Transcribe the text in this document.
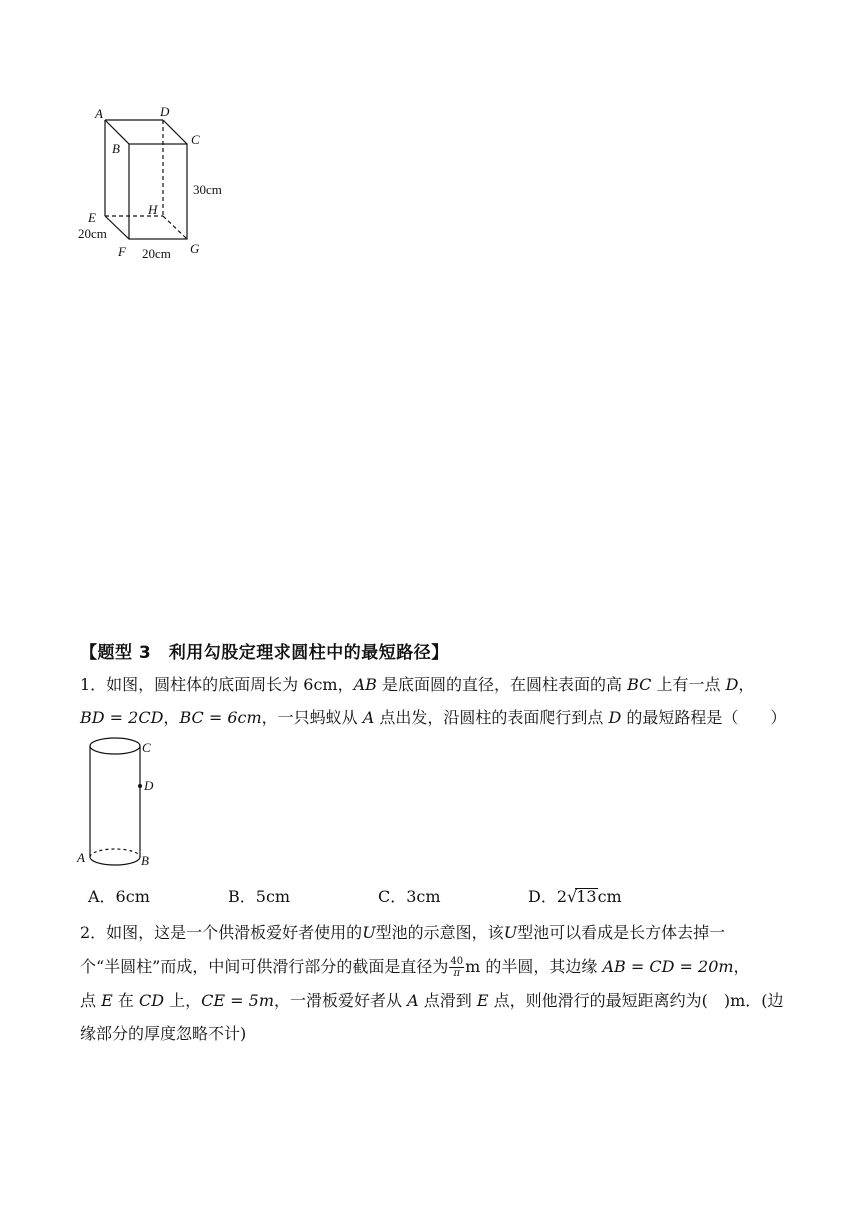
A	D
C
B
H
E
F	G
30cm
20cm
20cm
【题型 3　利用勾股定理求圆柱中的最短路径】
1．如图，圆柱体的底面周长为 6cm，AB 是底面圆的直径，在圆柱表面的高 BC 上有一点 D，
BD = 2CD，BC = 6cm，一只蚂蚁从 A 点出发，沿圆柱的表面爬行到点 D 的最短路程是（　　）
C
D
A	B
A．6cm	B．5cm	C．3cm	D．2√13cm
2．如图，这是一个供滑板爱好者使用的U型池的示意图，该U型池可以看成是长方体去掉一
个“半圆柱”而成，中间可供滑行部分的截面是直径为 $\frac{40}{\pi}$ m 的半圆，其边缘 AB = CD = 20m，
点 E 在 CD 上，CE = 5m，一滑板爱好者从 A 点滑到 E 点，则他滑行的最短距离约为(　)m．(边
缘部分的厚度忽略不计)
